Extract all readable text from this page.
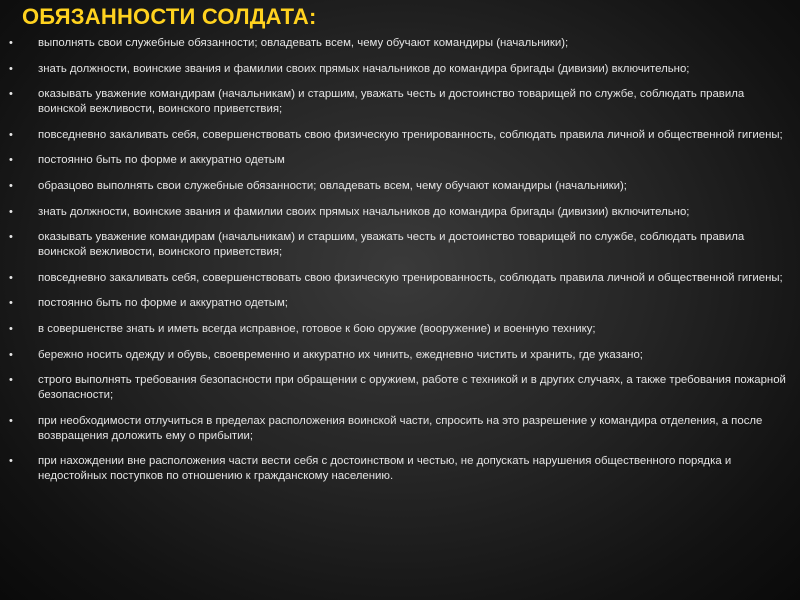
ОБЯЗАННОСТИ СОЛДАТА:
• выполнять свои служебные обязанности; овладевать всем, чему обучают командиры (начальники);
• знать должности, воинские звания и фамилии своих прямых начальников до командира бригады (дивизии) включительно;
• оказывать уважение командирам (начальникам) и старшим, уважать честь и достоинство товарищей по службе, соблюдать правила воинской вежливости, воинского приветствия;
• повседневно закаливать себя, совершенствовать свою физическую тренированность, соблюдать правила личной и общественной гигиены;
• постоянно быть по форме и аккуратно одетым
• образцово выполнять свои служебные обязанности; овладевать всем, чему обучают командиры (начальники);
• знать должности, воинские звания и фамилии своих прямых начальников до командира бригады (дивизии) включительно;
• оказывать уважение командирам (начальникам) и старшим, уважать честь и достоинство товарищей по службе, соблюдать правила воинской вежливости, воинского приветствия;
• повседневно закаливать себя, совершенствовать свою физическую тренированность, соблюдать правила личной и общественной гигиены;
• постоянно быть по форме и аккуратно одетым;
• в совершенстве знать и иметь всегда исправное, готовое к бою оружие (вооружение) и военную технику;
• бережно носить одежду и обувь, своевременно и аккуратно их чинить, ежедневно чистить и хранить, где указано;
• строго выполнять требования безопасности при обращении с оружием, работе с техникой и в других случаях, а также требования пожарной безопасности;
• при необходимости отлучиться в пределах расположения воинской части, спросить на это разрешение у командира отделения, а после возвращения доложить ему о прибытии;
• при нахождении вне расположения части вести себя с достоинством и честью, не допускать нарушения общественного порядка и недостойных поступков по отношению к гражданскому населению.
